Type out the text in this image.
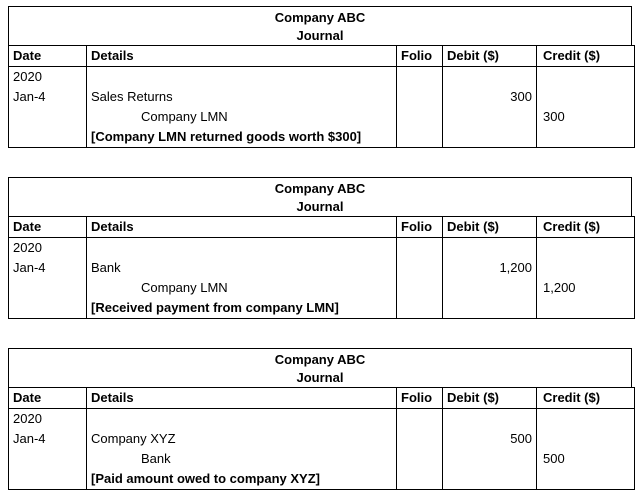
Company ABC
Journal
Date	Details	Folio	Debit ($)	Credit ($)
2020				
Jan-4	Sales Returns		300	
	Company LMN			300
	[Company LMN returned goods worth $300]			
Company ABC
Journal
Date	Details	Folio	Debit ($)	Credit ($)
2020				
Jan-4	Bank		1,200	
	Company LMN			1,200
	[Received payment from company LMN]			
Company ABC
Journal
Date	Details	Folio	Debit ($)	Credit ($)
2020				
Jan-4	Company XYZ		500	
	Bank			500
	[Paid amount owed to company XYZ]			
